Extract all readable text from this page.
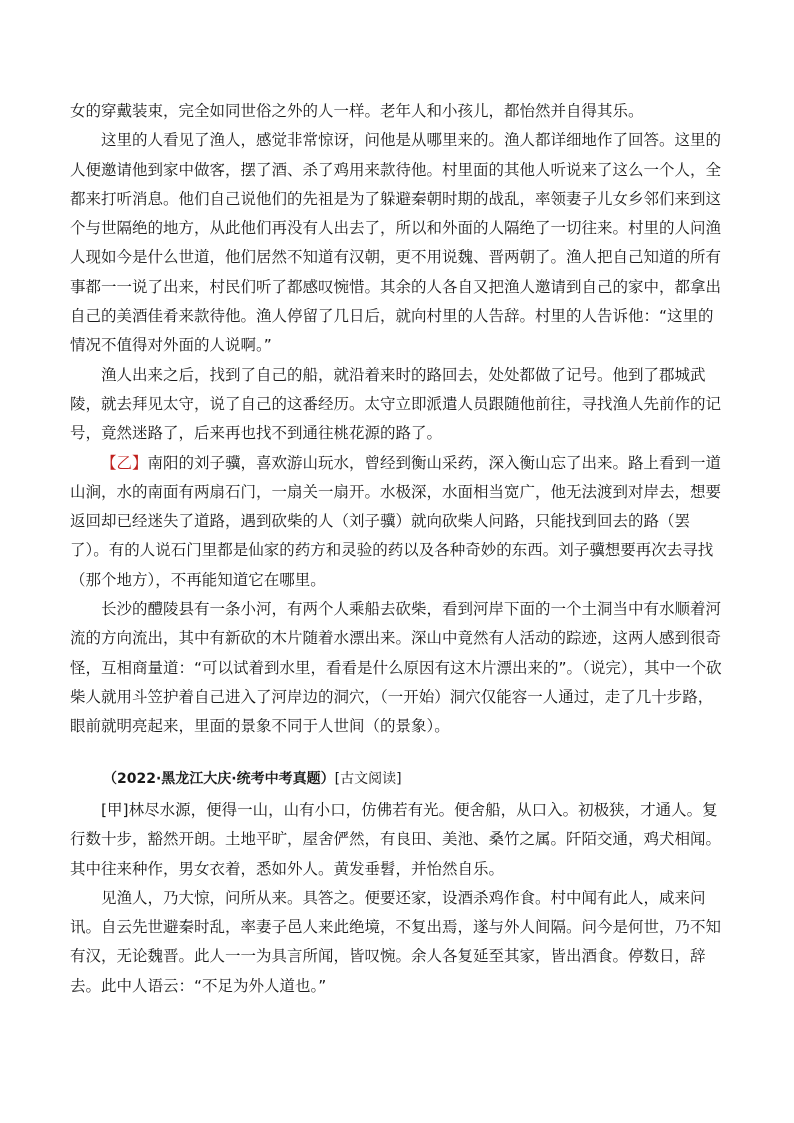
女的穿戴装束，完全如同世俗之外的人一样。老年人和小孩儿，都怡然并自得其乐。

这里的人看见了渔人，感觉非常惊讶，问他是从哪里来的。渔人都详细地作了回答。这里的人便邀请他到家中做客，摆了酒、杀了鸡用来款待他。村里面的其他人听说来了这么一个人，全都来打听消息。他们自己说他们的先祖是为了躲避秦朝时期的战乱，率领妻子儿女乡邻们来到这个与世隔绝的地方，从此他们再没有人出去了，所以和外面的人隔绝了一切往来。村里的人问渔人现如今是什么世道，他们居然不知道有汉朝，更不用说魏、晋两朝了。渔人把自己知道的所有事都一一说了出来，村民们听了都感叹惋惜。其余的人各自又把渔人邀请到自己的家中，都拿出自己的美酒佳肴来款待他。渔人停留了几日后，就向村里的人告辞。村里的人告诉他：“这里的情况不值得对外面的人说啊。”

渔人出来之后，找到了自己的船，就沿着来时的路回去，处处都做了记号。他到了郡城武陵，就去拜见太守，说了自己的这番经历。太守立即派遣人员跟随他前往，寻找渔人先前作的记号，竟然迷路了，后来再也找不到通往桃花源的路了。

【乙】南阳的刘子骥，喜欢游山玩水，曾经到衡山采药，深入衡山忘了出来。路上看到一道山涧，水的南面有两扇石门，一扇关一扇开。水极深，水面相当宽广，他无法渡到对岸去，想要返回却已经迷失了道路，遇到砍柴的人（刘子骥）就向砍柴人问路，只能找到回去的路（罢了）。有的人说石门里都是仙家的药方和灵验的药以及各种奇妙的东西。刘子骥想要再次去寻找（那个地方），不再能知道它在哪里。

长沙的醴陵县有一条小河，有两个人乘船去砍柴，看到河岸下面的一个土洞当中有水顺着河流的方向流出，其中有新砍的木片随着水漂出来。深山中竟然有人活动的踪迹，这两人感到很奇怪，互相商量道：“可以试着到水里，看看是什么原因有这木片漂出来的”。（说完），其中一个砍柴人就用斗笠护着自己进入了河岸边的洞穴，（一开始）洞穴仅能容一人通过，走了几十步路，眼前就明亮起来，里面的景象不同于人世间（的景象）。

（2022·黑龙江大庆·统考中考真题）[古文阅读]

[甲]林尽水源，便得一山，山有小口，仿佛若有光。便舍船，从口入。初极狭，才通人。复行数十步，豁然开朗。土地平旷，屋舍俨然，有良田、美池、桑竹之属。阡陌交通，鸡犬相闻。其中往来种作，男女衣着，悉如外人。黄发垂髫，并怡然自乐。

见渔人，乃大惊，问所从来。具答之。便要还家，设酒杀鸡作食。村中闻有此人，咸来问讯。自云先世避秦时乱，率妻子邑人来此绝境，不复出焉，遂与外人间隔。问今是何世，乃不知有汉，无论魏晋。此人一一为具言所闻，皆叹惋。余人各复延至其家，皆出酒食。停数日，辞去。此中人语云：“不足为外人道也。”
